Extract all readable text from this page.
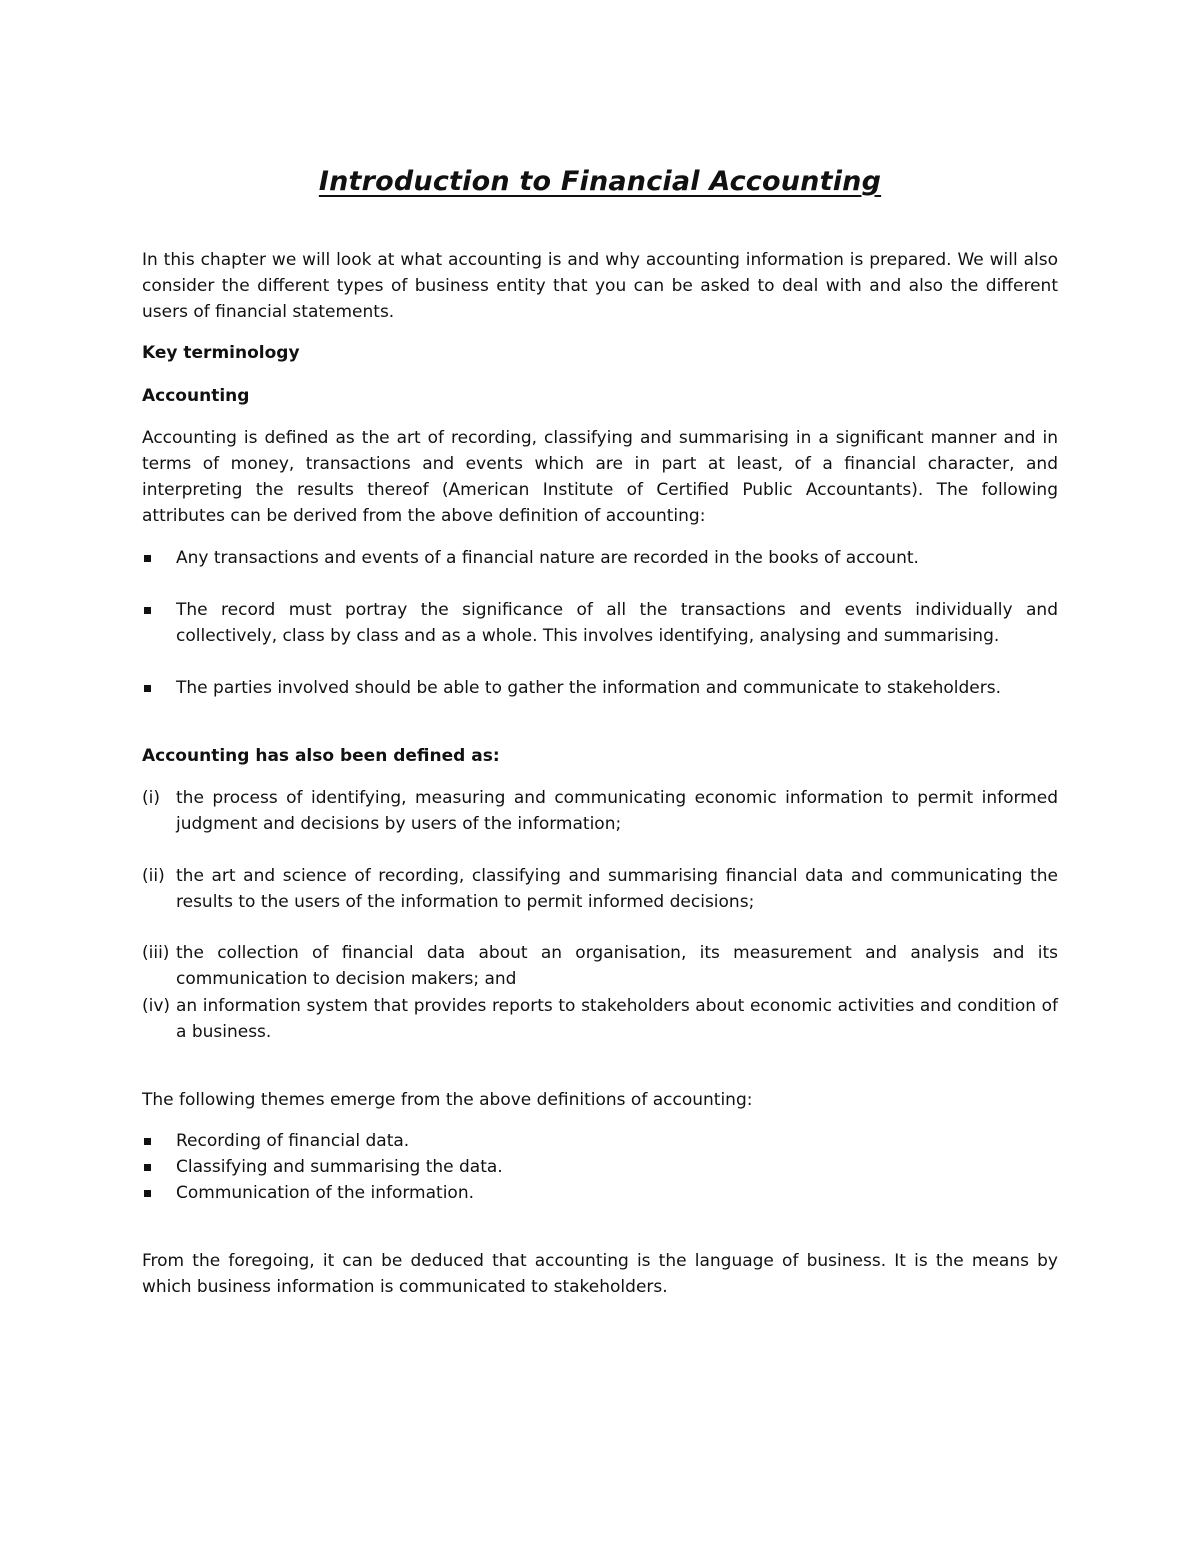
Introduction to Financial Accounting

In this chapter we will look at what accounting is and why accounting information is prepared. We will also consider the different types of business entity that you can be asked to deal with and also the different users of financial statements.

Key terminology

Accounting

Accounting is defined as the art of recording, classifying and summarising in a significant manner and in terms of money, transactions and events which are in part at least, of a financial character, and interpreting the results thereof (American Institute of Certified Public Accountants). The following attributes can be derived from the above definition of accounting:

Any transactions and events of a financial nature are recorded in the books of account.
The record must portray the significance of all the transactions and events individually and collectively, class by class and as a whole. This involves identifying, analysing and summarising.
The parties involved should be able to gather the information and communicate to stakeholders.

Accounting has also been defined as:

(i) the process of identifying, measuring and communicating economic information to permit informed judgment and decisions by users of the information;
(ii) the art and science of recording, classifying and summarising financial data and communicating the results to the users of the information to permit informed decisions;
(iii) the collection of financial data about an organisation, its measurement and analysis and its communication to decision makers; and
(iv) an information system that provides reports to stakeholders about economic activities and condition of a business.

The following themes emerge from the above definitions of accounting:

Recording of financial data.
Classifying and summarising the data.
Communication of the information.

From the foregoing, it can be deduced that accounting is the language of business. It is the means by which business information is communicated to stakeholders.
